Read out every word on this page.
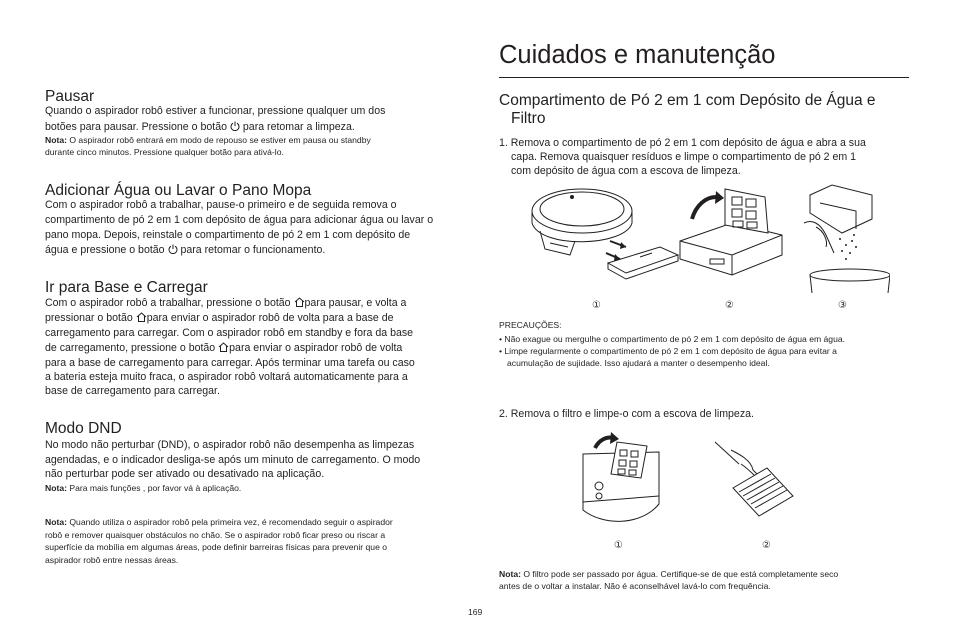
Pausar
Quando o aspirador robô estiver a funcionar, pressione qualquer um dos
botões para pausar. Pressione o botão para retomar a limpeza.
Nota: O aspirador robô entrará em modo de repouso se estiver em pausa ou standby
durante cinco minutos. Pressione qualquer botão para ativá-lo.
Adicionar Água ou Lavar o Pano Mopa
Com o aspirador robô a trabalhar, pause-o primeiro e de seguida remova o
compartimento de pó 2 em 1 com depósito de água para adicionar água ou lavar o
pano mopa. Depois, reinstale o compartimento de pó 2 em 1 com depósito de
água e pressione o botão para retomar o funcionamento.
Ir para Base e Carregar
Com o aspirador robô a trabalhar, pressione o botão para pausar, e volta a
pressionar o botão para enviar o aspirador robô de volta para a base de
carregamento para carregar. Com o aspirador robô em standby e fora da base
de carregamento, pressione o botão para enviar o aspirador robô de volta
para a base de carregamento para carregar. Após terminar uma tarefa ou caso
a bateria esteja muito fraca, o aspirador robô voltará automaticamente para a
base de carregamento para carregar.
Modo DND
No modo não perturbar (DND), o aspirador robô não desempenha as limpezas
agendadas, e o indicador desliga-se após um minuto de carregamento. O modo
não perturbar pode ser ativado ou desativado na aplicação.
Nota: Para mais funções , por favor vá à aplicação.
Nota: Quando utiliza o aspirador robô pela primeira vez, é recomendado seguir o aspirador
robô e remover quaisquer obstáculos no chão. Se o aspirador robô ficar preso ou riscar a
superfície da mobília em algumas áreas, pode definir barreiras físicas para prevenir que o
aspirador robô entre nessas áreas.
Cuidados e manutenção
Compartimento de Pó 2 em 1 com Depósito de Água e
Filtro
1. Remova o compartimento de pó 2 em 1 com depósito de água e abra a sua
capa. Remova quaisquer resíduos e limpe o compartimento de pó 2 em 1
com depósito de água com a escova de limpeza.
①	②	③
PRECAUÇÕES:
• Não exague ou mergulhe o compartimento de pó 2 em 1 com depósito de água em água.
• Limpe regularmente o compartimento de pó 2 em 1 com depósito de água para evitar a
acumulação de sujidade. Isso ajudará a manter o desempenho ideal.
2. Remova o filtro e limpe-o com a escova de limpeza.
①	②
Nota: O filtro pode ser passado por água. Certifique-se de que está completamente seco
antes de o voltar a instalar. Não é aconselhável lavá-lo com frequência.
169
